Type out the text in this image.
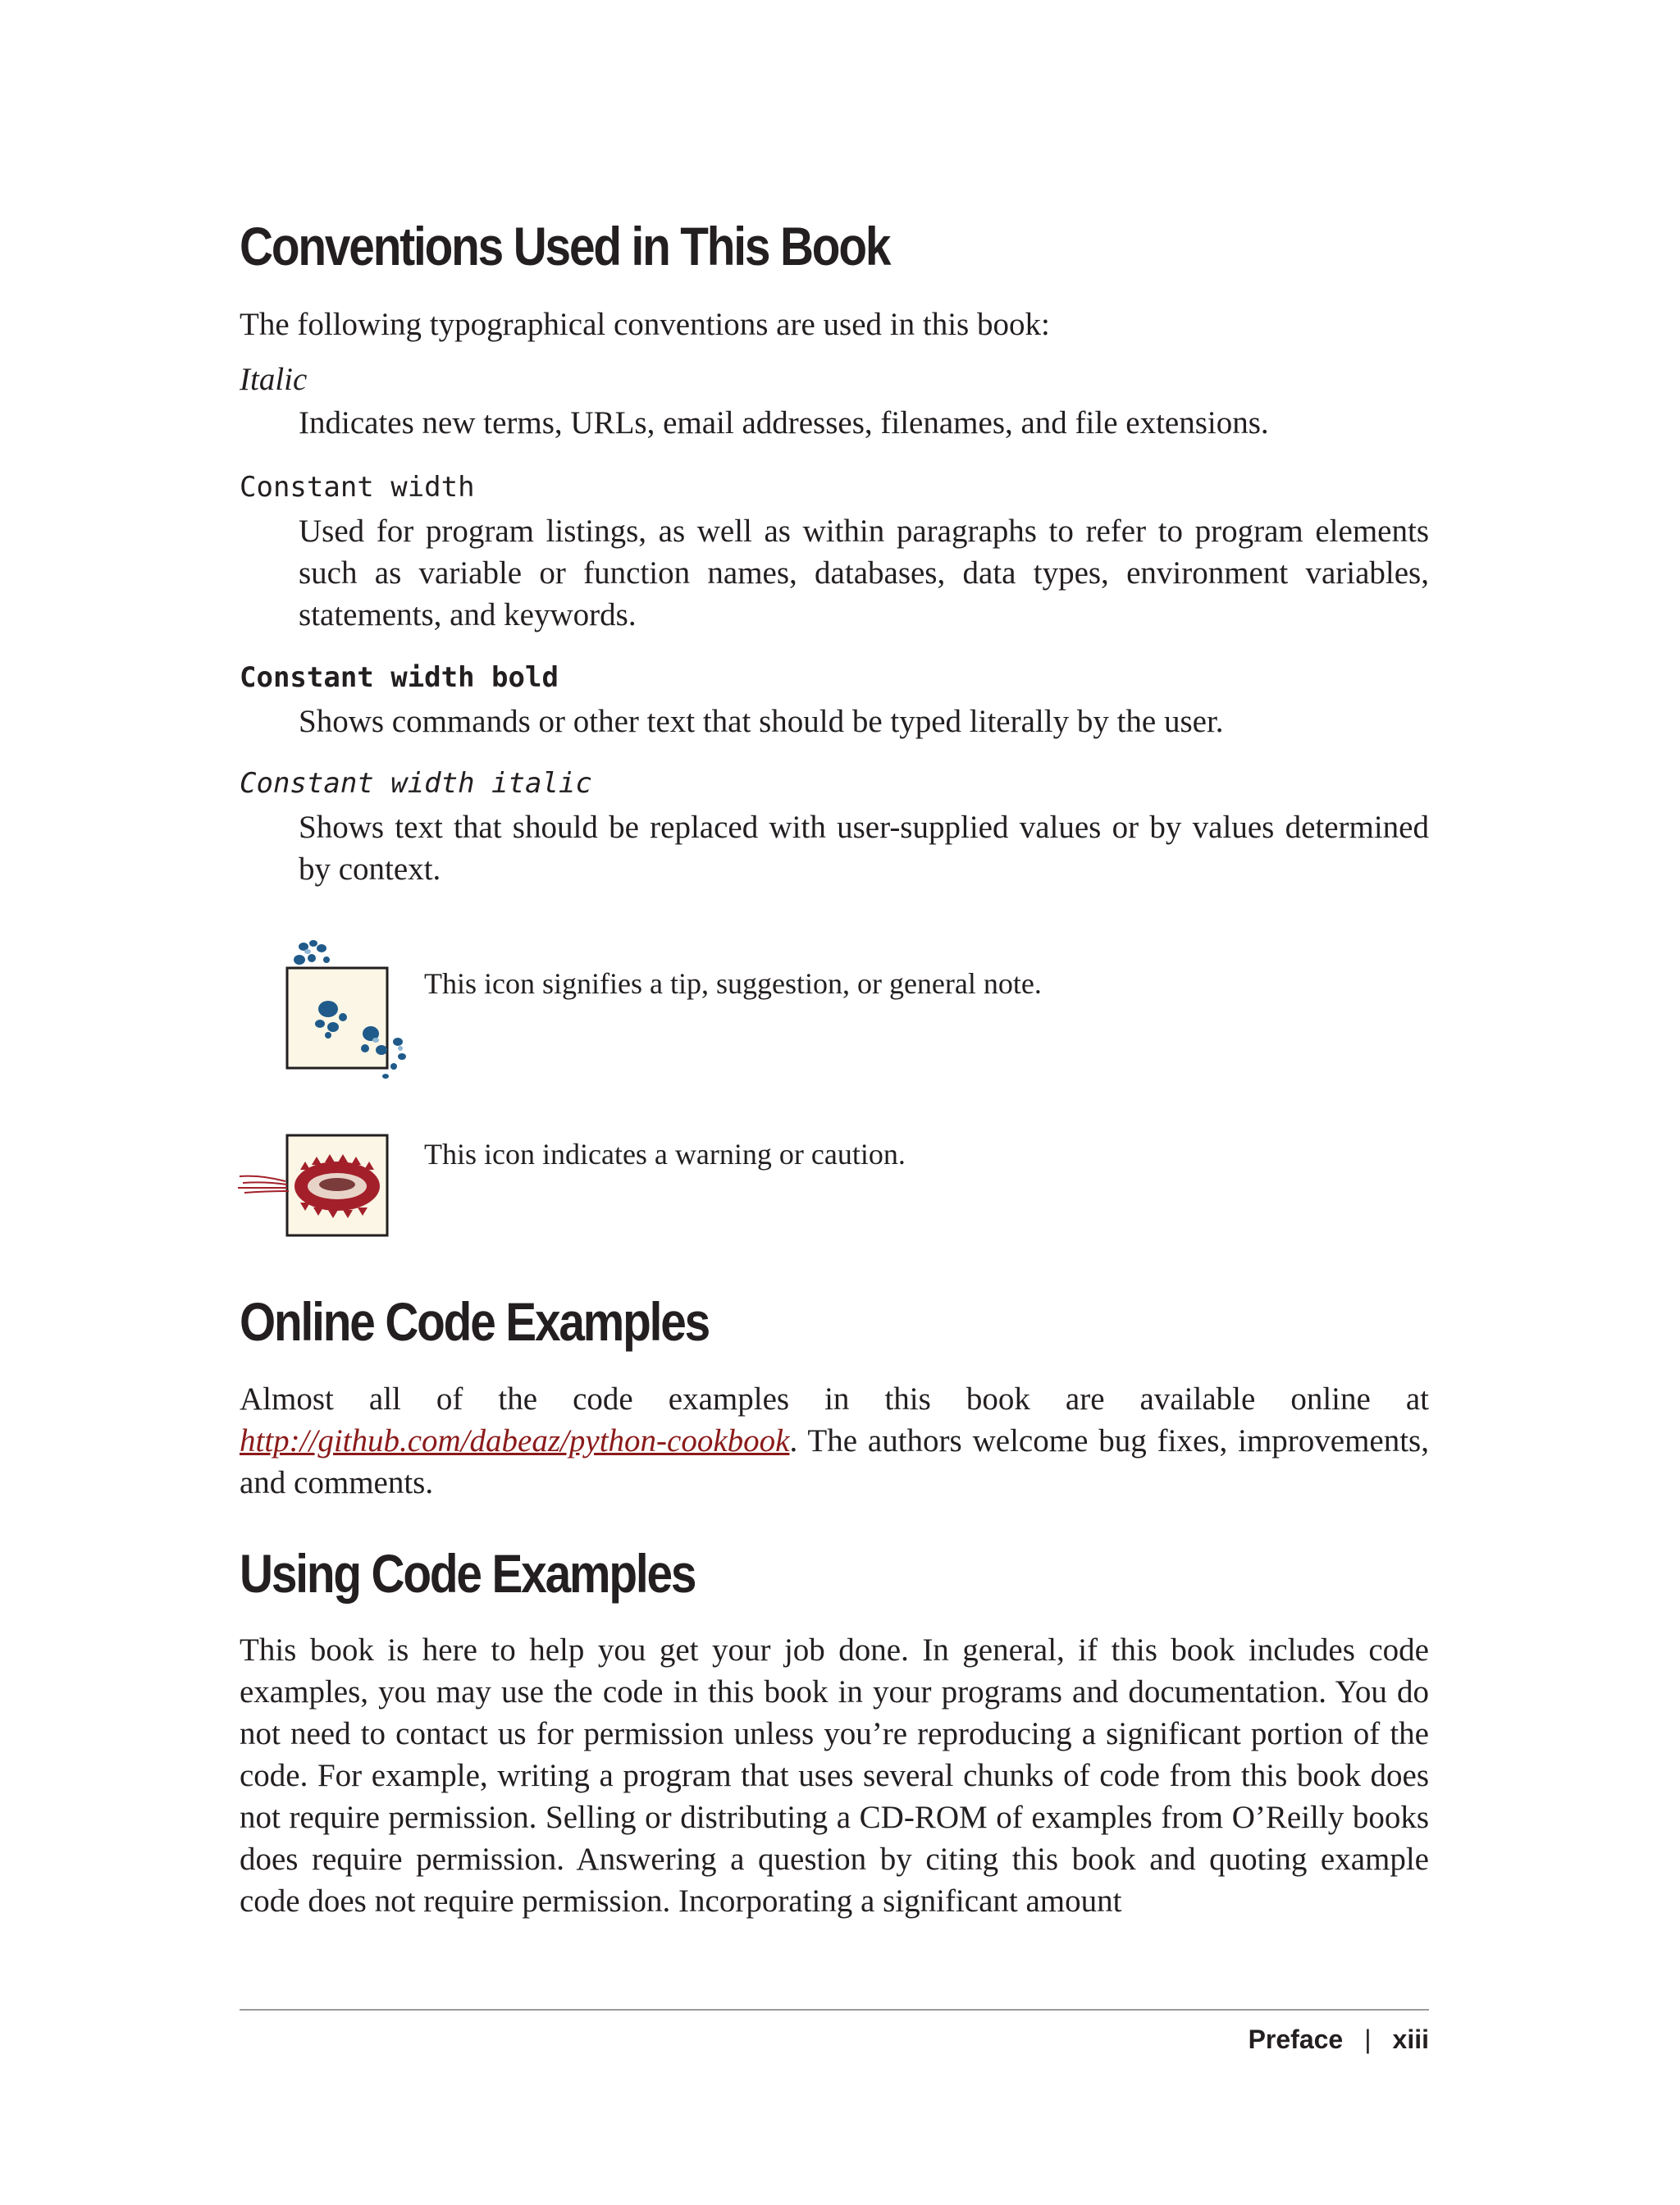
Conventions Used in This Book

The following typographical conventions are used in this book:

Italic

Indicates new terms, URLs, email addresses, filenames, and file extensions.

Constant width

Used for program listings, as well as within paragraphs to refer to program elements such as variable or function names, databases, data types, environment variables, statements, and keywords.

Constant width bold

Shows commands or other text that should be typed literally by the user.

Constant width italic

Shows text that should be replaced with user-supplied values or by values determined by context.

This icon signifies a tip, suggestion, or general note.

This icon indicates a warning or caution.

Online Code Examples

Almost all of the code examples in this book are available online at http://github.com/dabeaz/python-cookbook. The authors welcome bug fixes, improvements, and comments.

Using Code Examples

This book is here to help you get your job done. In general, if this book includes code examples, you may use the code in this book in your programs and documentation. You do not need to contact us for permission unless you’re reproducing a significant portion of the code. For example, writing a program that uses several chunks of code from this book does not require permission. Selling or distributing a CD-ROM of examples from O’Reilly books does require permission. Answering a question by citing this book and quoting example code does not require permission. Incorporating a significant amount

Preface | xiii
